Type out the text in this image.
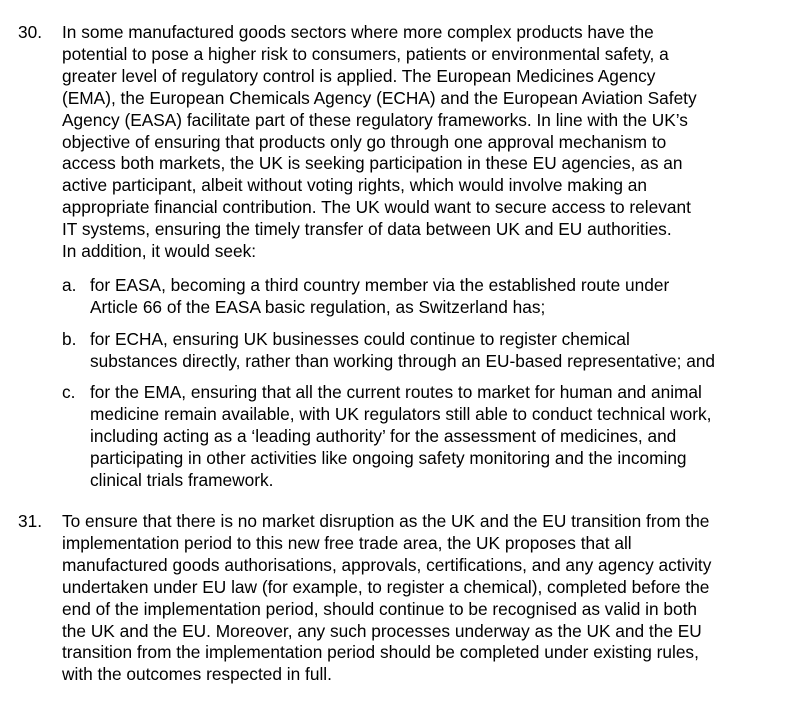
30. In some manufactured goods sectors where more complex products have the
potential to pose a higher risk to consumers, patients or environmental safety, a
greater level of regulatory control is applied. The European Medicines Agency
(EMA), the European Chemicals Agency (ECHA) and the European Aviation Safety
Agency (EASA) facilitate part of these regulatory frameworks. In line with the UK’s
objective of ensuring that products only go through one approval mechanism to
access both markets, the UK is seeking participation in these EU agencies, as an
active participant, albeit without voting rights, which would involve making an
appropriate financial contribution. The UK would want to secure access to relevant
IT systems, ensuring the timely transfer of data between UK and EU authorities.
In addition, it would seek:
a. for EASA, becoming a third country member via the established route under
Article 66 of the EASA basic regulation, as Switzerland has;
b. for ECHA, ensuring UK businesses could continue to register chemical
substances directly, rather than working through an EU-based representative; and
c. for the EMA, ensuring that all the current routes to market for human and animal
medicine remain available, with UK regulators still able to conduct technical work,
including acting as a ‘leading authority’ for the assessment of medicines, and
participating in other activities like ongoing safety monitoring and the incoming
clinical trials framework.
31. To ensure that there is no market disruption as the UK and the EU transition from the
implementation period to this new free trade area, the UK proposes that all
manufactured goods authorisations, approvals, certifications, and any agency activity
undertaken under EU law (for example, to register a chemical), completed before the
end of the implementation period, should continue to be recognised as valid in both
the UK and the EU. Moreover, any such processes underway as the UK and the EU
transition from the implementation period should be completed under existing rules,
with the outcomes respected in full.
